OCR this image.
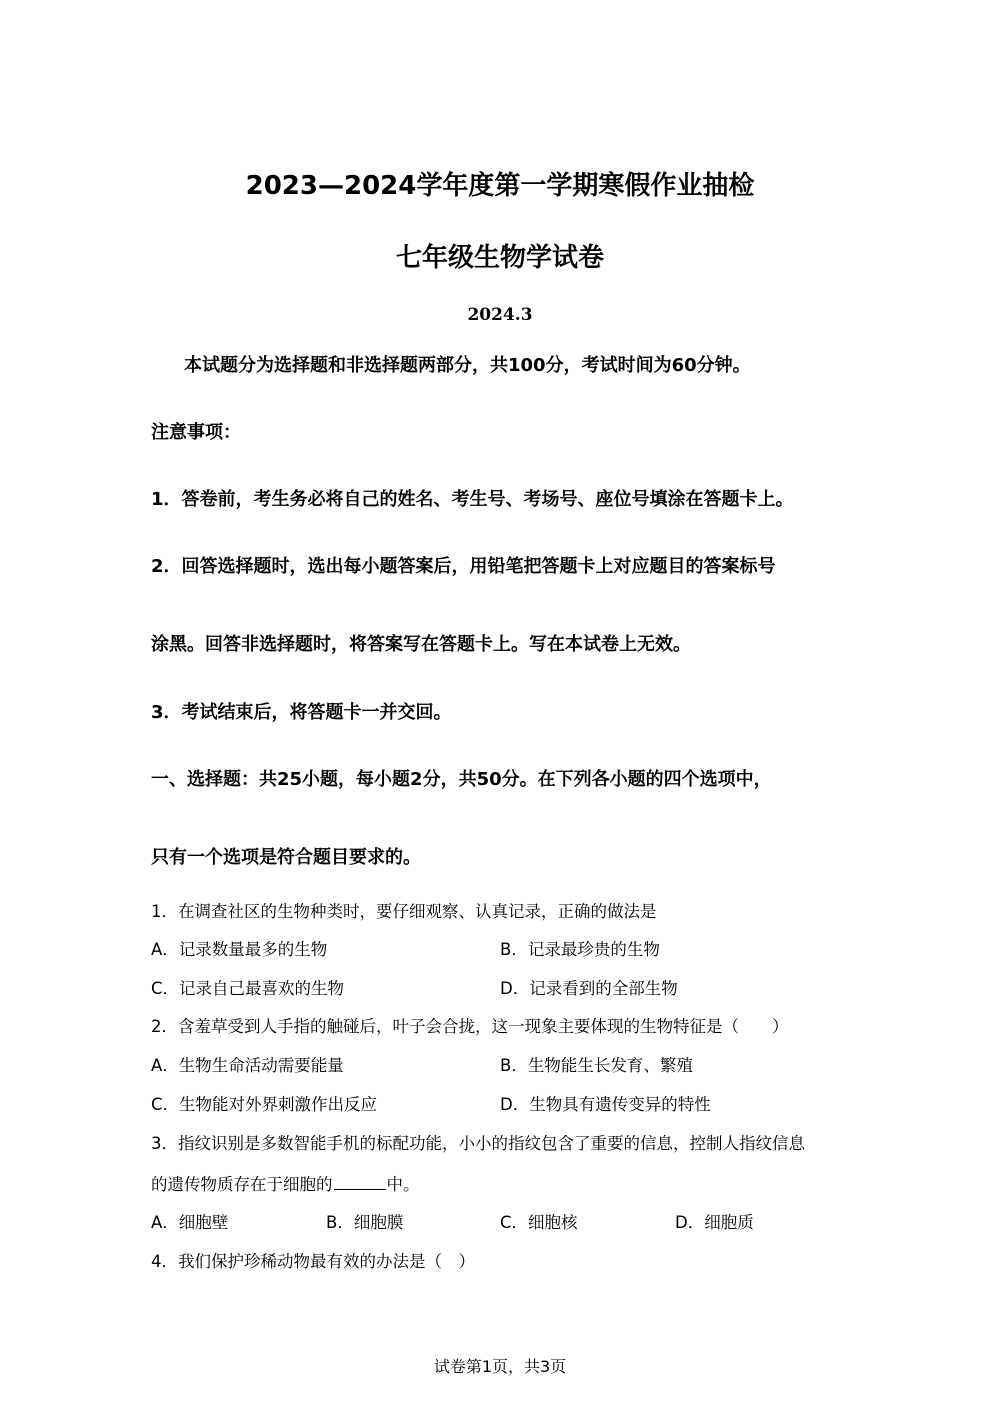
2023—2024学年度第一学期寒假作业抽检
七年级生物学试卷
2024.3
本试题分为选择题和非选择题两部分，共100分，考试时间为60分钟。
注意事项：
1．答卷前，考生务必将自己的姓名、考生号、考场号、座位号填涂在答题卡上。
2．回答选择题时，选出每小题答案后，用铅笔把答题卡上对应题目的答案标号
涂黑。回答非选择题时，将答案写在答题卡上。写在本试卷上无效。
3．考试结束后，将答题卡一并交回。
一、选择题：共25小题，每小题2分，共50分。在下列各小题的四个选项中，
只有一个选项是符合题目要求的。
1．在调查社区的生物种类时，要仔细观察、认真记录，正确的做法是
A．记录数量最多的生物	B．记录最珍贵的生物
C．记录自己最喜欢的生物	D．记录看到的全部生物
2．含羞草受到人手指的触碰后，叶子会合拢，这一现象主要体现的生物特征是（　　）
A．生物生命活动需要能量	B．生物能生长发育、繁殖
C．生物能对外界刺激作出反应	D．生物具有遗传变异的特性
3．指纹识别是多数智能手机的标配功能，小小的指纹包含了重要的信息，控制人指纹信息
的遗传物质存在于细胞的	中。
A．细胞壁	B．细胞膜	C．细胞核	D．细胞质
4．我们保护珍稀动物最有效的办法是（　）
试卷第1页，共3页
